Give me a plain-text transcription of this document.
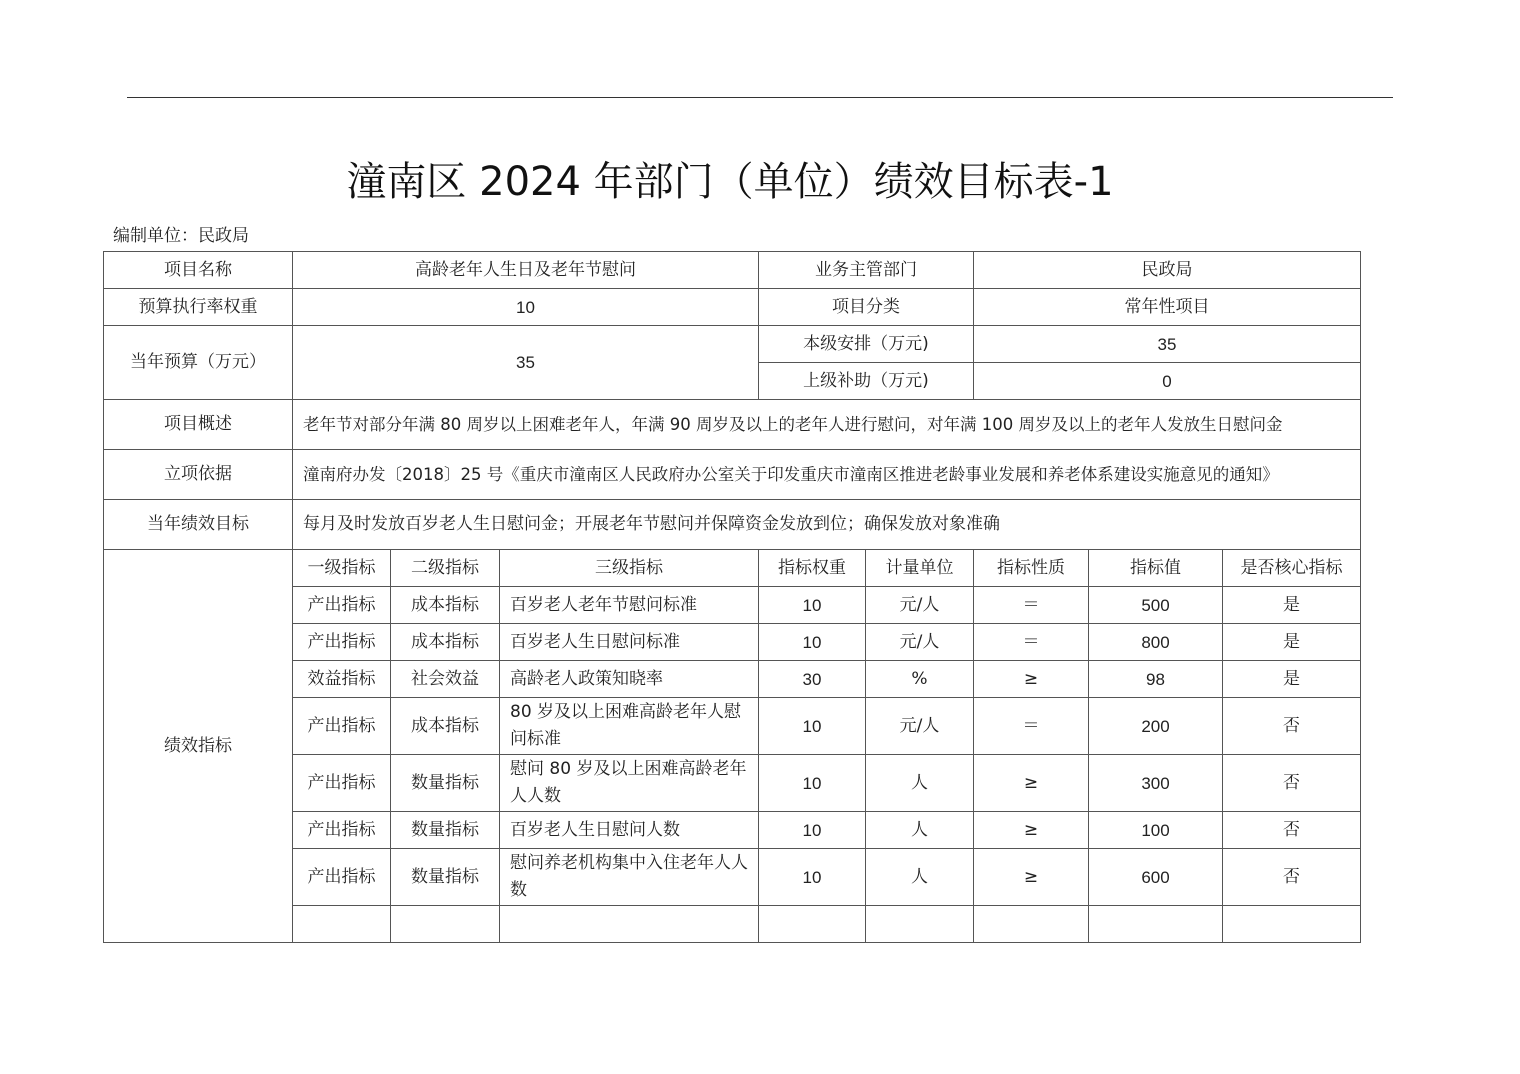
潼南区 2024 年部门（单位）绩效目标表-1
编制单位：民政局
项目名称	高龄老年人生日及老年节慰问			业务主管部门		民政局		
预算执行率权重	10			项目分类		常年性项目		
当年预算（万元）	35			本级安排（万元)		35		
				上级补助（万元)		0		
项目概述	老年节对部分年满 80 周岁以上困难老年人，年满 90 周岁及以上的老年人进行慰问，对年满 100 周岁及以上的老年人发放生日慰问金							
立项依据	潼南府办发〔2018〕25 号《重庆市潼南区人民政府办公室关于印发重庆市潼南区推进老龄事业发展和养老体系建设实施意见的通知》							
当年绩效目标	每月及时发放百岁老人生日慰问金；开展老年节慰问并保障资金发放到位；确保发放对象准确							
绩效指标	一级指标	二级指标	三级指标	指标权重	计量单位	指标性质	指标值	是否核心指标
	产出指标	成本指标	百岁老人老年节慰问标准	10	元/人	＝	500	是
	产出指标	成本指标	百岁老人生日慰问标准	10	元/人	＝	800	是
	效益指标	社会效益	高龄老人政策知晓率	30	%	≥	98	是
	产出指标	成本指标	80 岁及以上困难高龄老年人慰问标准	10	元/人	＝	200	否
	产出指标	数量指标	慰问 80 岁及以上困难高龄老年人人数	10	人	≥	300	否
	产出指标	数量指标	百岁老人生日慰问人数	10	人	≥	100	否
	产出指标	数量指标	慰问养老机构集中入住老年人人数	10	人	≥	600	否
